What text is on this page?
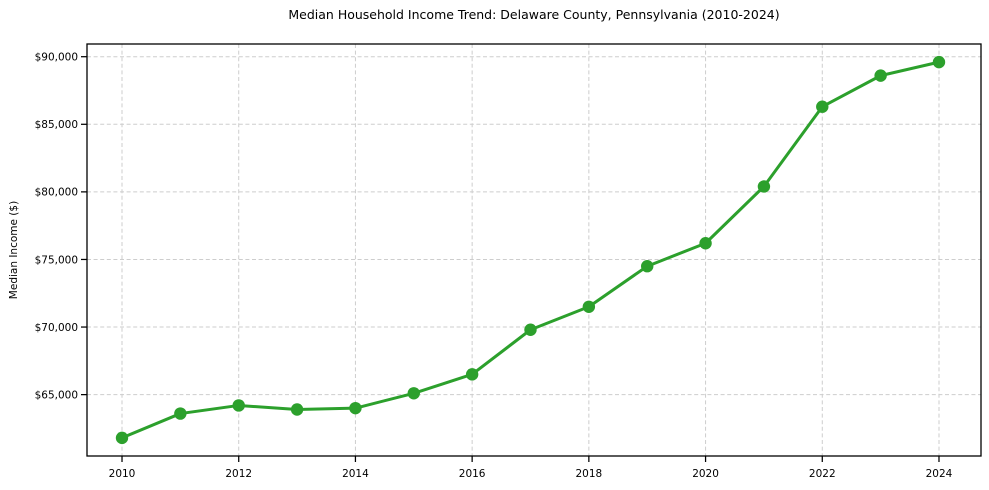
Median Household Income Trend: Delaware County, Pennsylvania (2010-2024)
Median Income ($)
2010	2012	2014	2016	2018	2020	2022	2024
$65,000
$70,000
$75,000
$80,000
$85,000
$90,000
